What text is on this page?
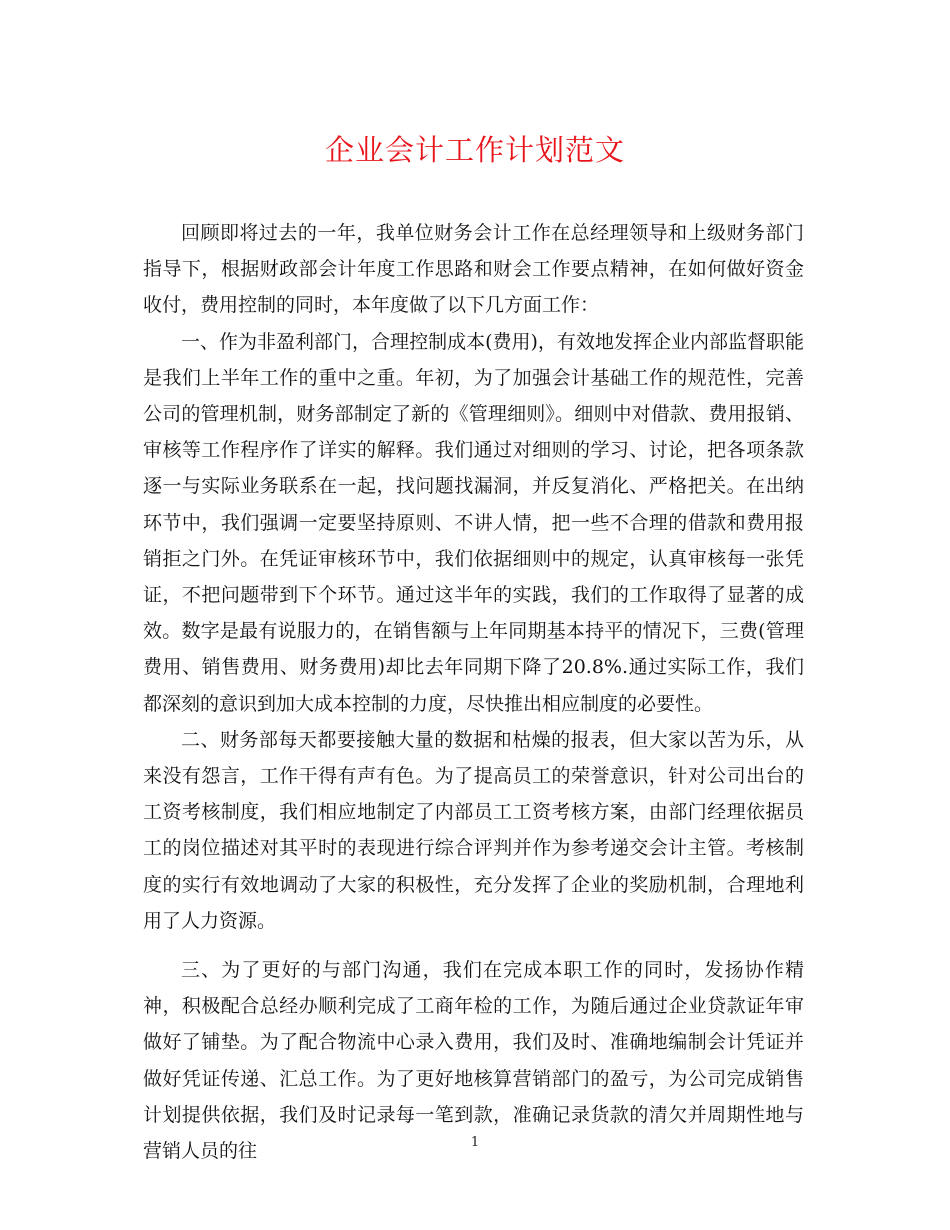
企业会计工作计划范文

回顾即将过去的一年，我单位财务会计工作在总经理领导和上级财务部门指导下，根据财政部会计年度工作思路和财会工作要点精神，在如何做好资金收付，费用控制的同时，本年度做了以下几方面工作：

一、作为非盈利部门，合理控制成本(费用)，有效地发挥企业内部监督职能是我们上半年工作的重中之重。年初，为了加强会计基础工作的规范性，完善公司的管理机制，财务部制定了新的《管理细则》。细则中对借款、费用报销、审核等工作程序作了详实的解释。我们通过对细则的学习、讨论，把各项条款逐一与实际业务联系在一起，找问题找漏洞，并反复消化、严格把关。在出纳环节中，我们强调一定要坚持原则、不讲人情，把一些不合理的借款和费用报销拒之门外。在凭证审核环节中，我们依据细则中的规定，认真审核每一张凭证，不把问题带到下个环节。通过这半年的实践，我们的工作取得了显著的成效。数字是最有说服力的，在销售额与上年同期基本持平的情况下，三费(管理费用、销售费用、财务费用)却比去年同期下降了20.8%.通过实际工作，我们都深刻的意识到加大成本控制的力度，尽快推出相应制度的必要性。

二、财务部每天都要接触大量的数据和枯燥的报表，但大家以苦为乐，从来没有怨言，工作干得有声有色。为了提高员工的荣誉意识，针对公司出台的工资考核制度，我们相应地制定了内部员工工资考核方案，由部门经理依据员工的岗位描述对其平时的表现进行综合评判并作为参考递交会计主管。考核制度的实行有效地调动了大家的积极性，充分发挥了企业的奖励机制，合理地利用了人力资源。

三、为了更好的与部门沟通，我们在完成本职工作的同时，发扬协作精神，积极配合总经办顺利完成了工商年检的工作，为随后通过企业贷款证年审做好了铺垫。为了配合物流中心录入费用，我们及时、准确地编制会计凭证并做好凭证传递、汇总工作。为了更好地核算营销部门的盈亏，为公司完成销售计划提供依据，我们及时记录每一笔到款，准确记录货款的清欠并周期性地与营销人员的往	1
